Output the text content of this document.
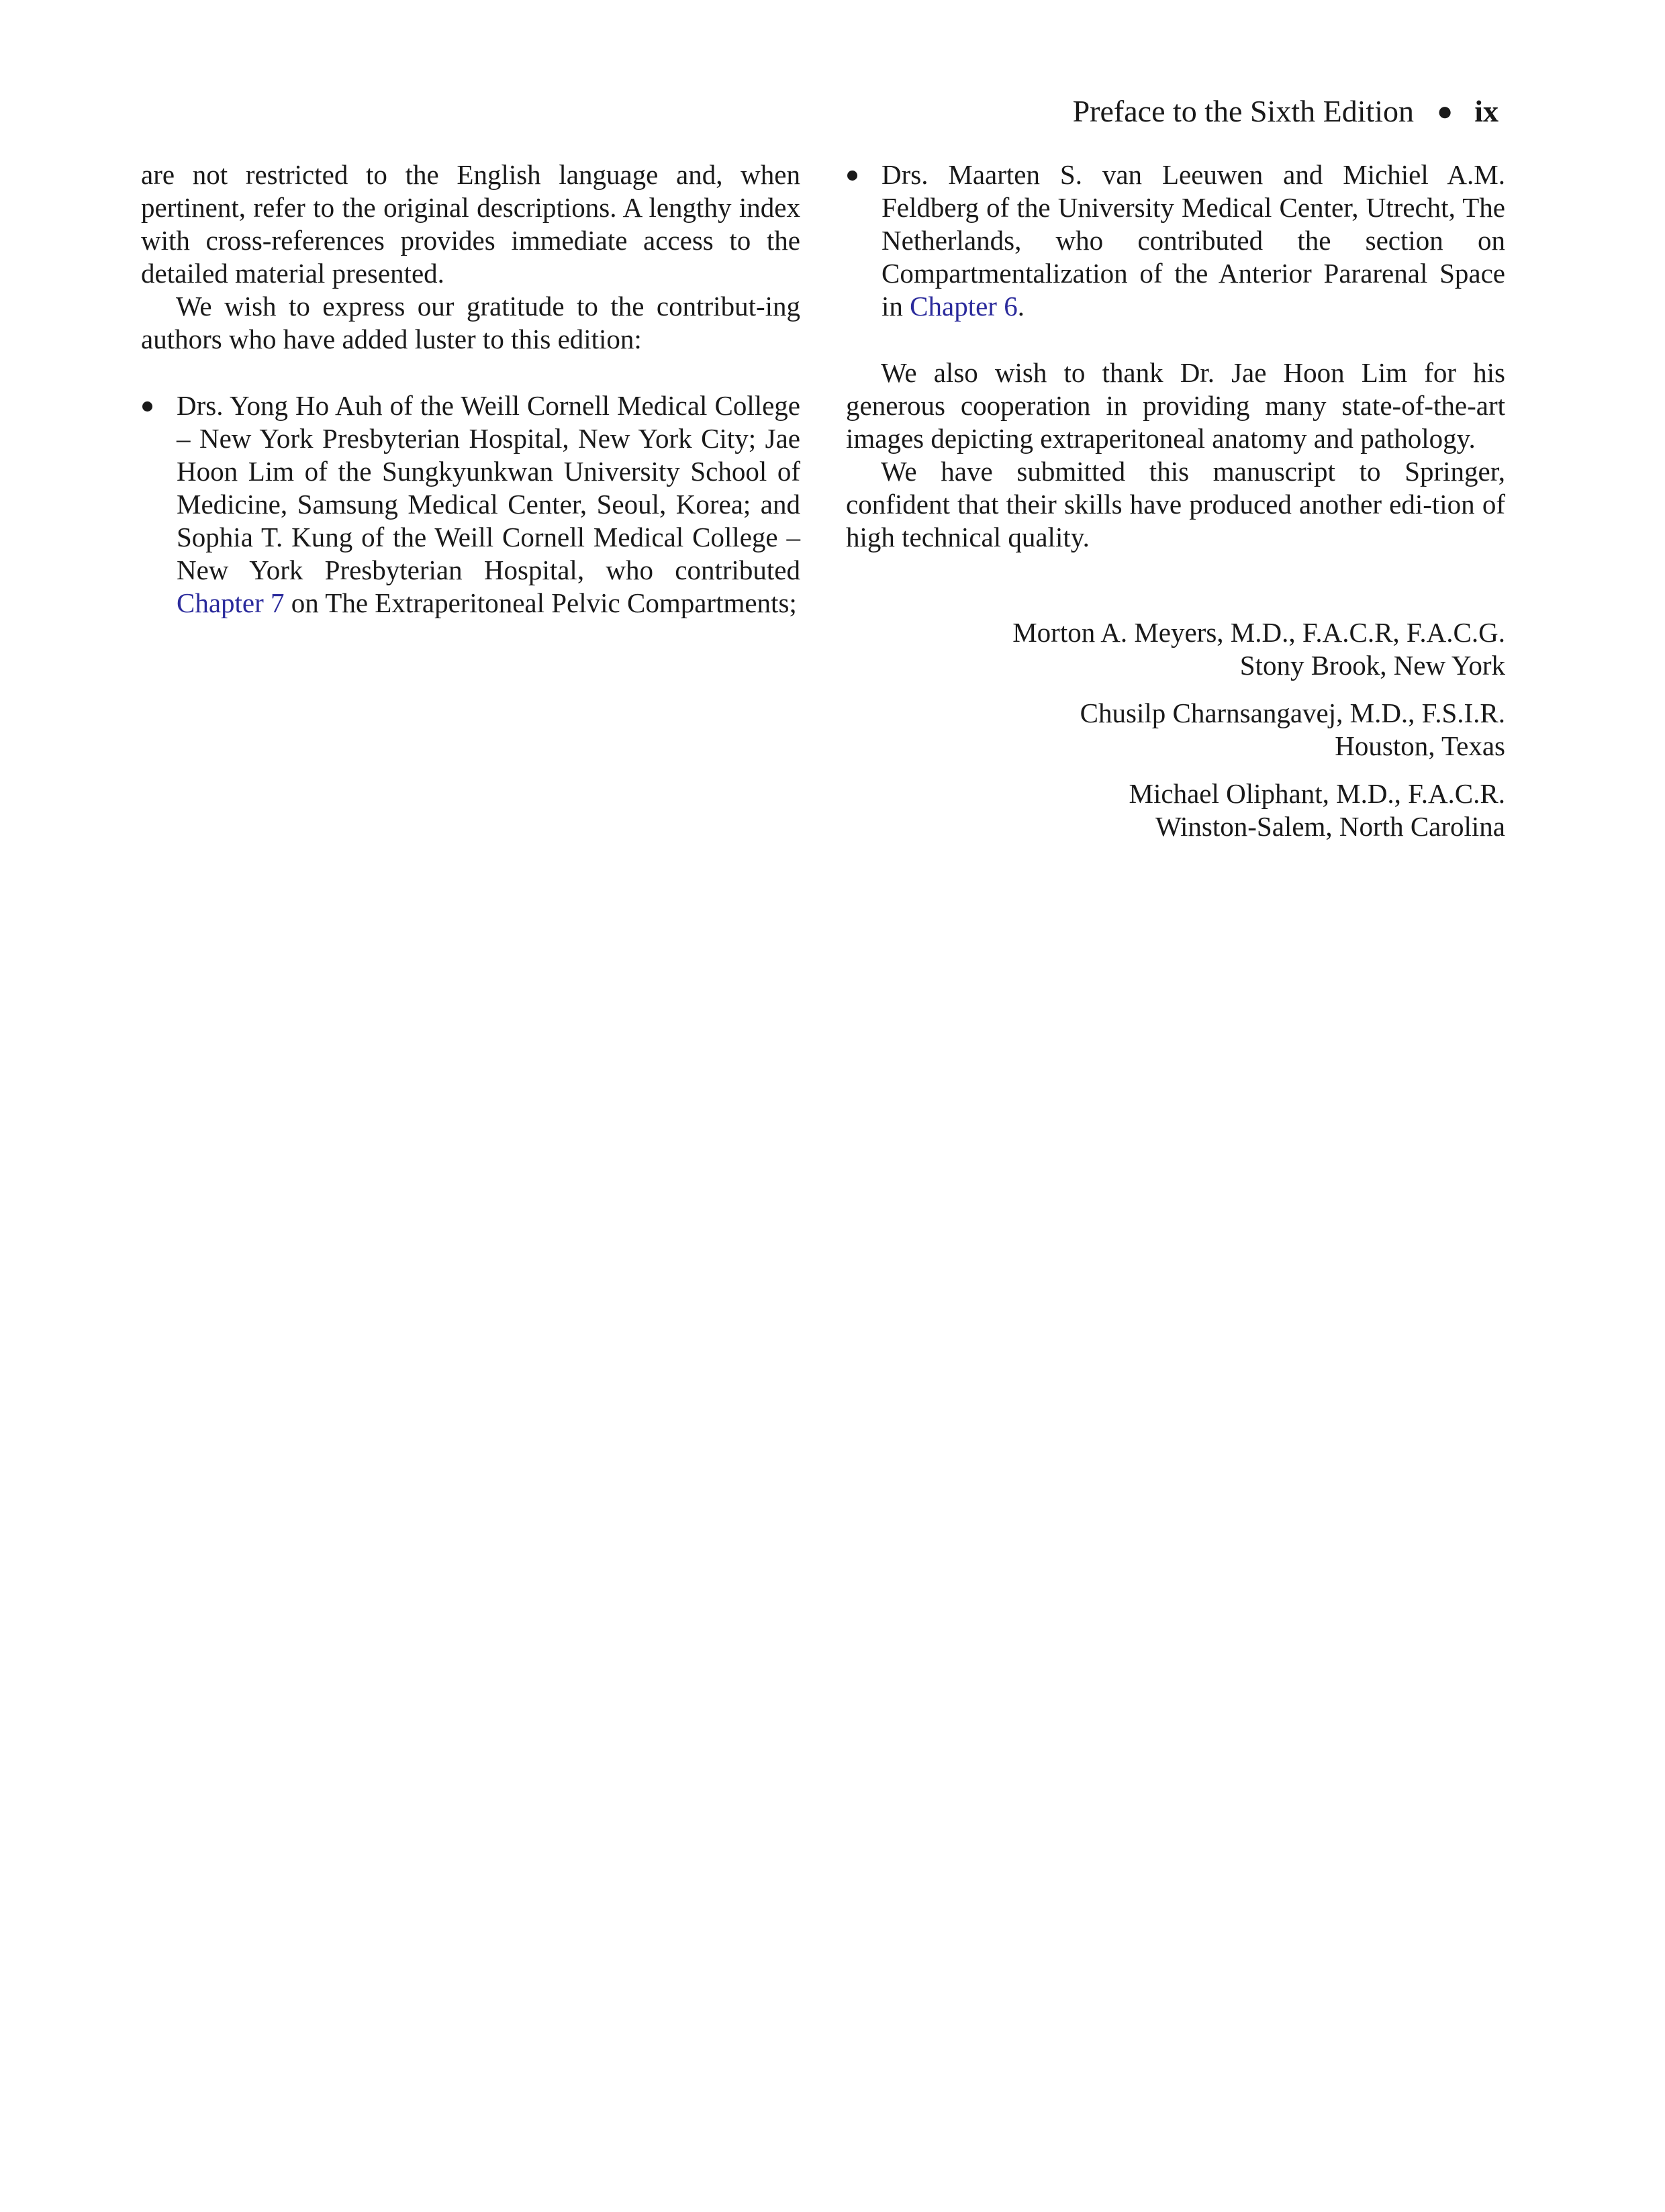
Preface to the Sixth Edition ● ix

are not restricted to the English language and, when pertinent, refer to the original descriptions. A lengthy index with cross-references provides immediate access to the detailed material presented.

We wish to express our gratitude to the contribut-ing authors who have added luster to this edition:

Drs. Yong Ho Auh of the Weill Cornell Medical College – New York Presbyterian Hospital, New York City; Jae Hoon Lim of the Sungkyunkwan University School of Medicine, Samsung Medical Center, Seoul, Korea; and Sophia T. Kung of the Weill Cornell Medical College – New York Presbyterian Hospital, who contributed Chapter 7 on The Extraperitoneal Pelvic Compartments;

Drs. Maarten S. van Leeuwen and Michiel A.M. Feldberg of the University Medical Center, Utrecht, The Netherlands, who contributed the section on Compartmentalization of the Anterior Pararenal Space in Chapter 6.

We also wish to thank Dr. Jae Hoon Lim for his generous cooperation in providing many state-of-the-art images depicting extraperitoneal anatomy and pathology.

We have submitted this manuscript to Springer, confident that their skills have produced another edi-tion of high technical quality.

Morton A. Meyers, M.D., F.A.C.R, F.A.C.G.
Stony Brook, New York
Chusilp Charnsangavej, M.D., F.S.I.R.
Houston, Texas
Michael Oliphant, M.D., F.A.C.R.
Winston-Salem, North Carolina
